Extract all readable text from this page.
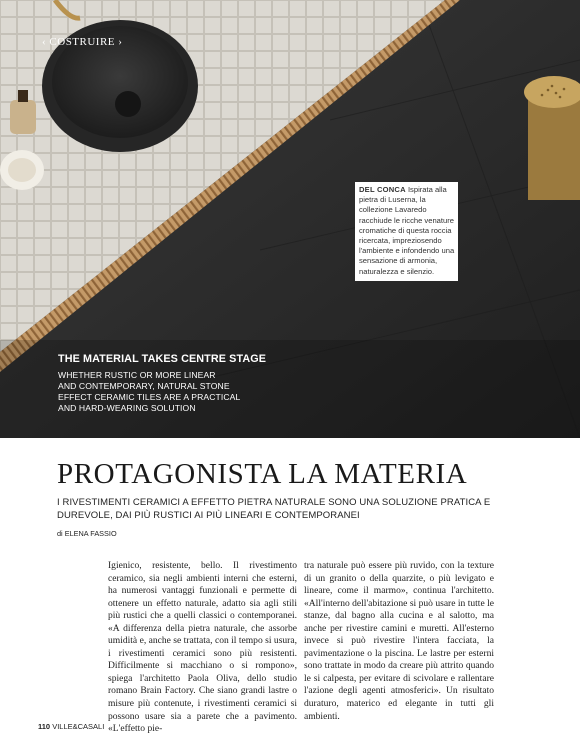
‹ COSTRUIRE ›
DEL CONCA Ispirata alla pietra di Luserna, la collezione Lavaredo racchiude le ricche venature cromatiche di questa roccia ricercata, impreziosendo l'ambiente e infondendo una sensazione di armonia, naturalezza e silenzio.
THE MATERIAL TAKES CENTRE STAGE
WHETHER RUSTIC OR MORE LINEAR
AND CONTEMPORARY, NATURAL STONE
EFFECT CERAMIC TILES ARE A PRACTICAL
AND HARD-WEARING SOLUTION
PROTAGONISTA LA MATERIA
I RIVESTIMENTI CERAMICI A EFFETTO PIETRA NATURALE SONO UNA SOLUZIONE PRATICA E DUREVOLE, DAI PIÙ RUSTICI AI PIÙ LINEARI E CONTEMPORANEI
di ELENA FASSIO
Igienico, resistente, bello. Il rivestimento ceramico, sia negli ambienti interni che esterni, ha numerosi vantaggi funzionali e permette di ottenere un effetto naturale, adatto sia agli stili più rustici che a quelli classici o contemporanei. «A differenza della pietra naturale, che assorbe umidità e, anche se trattata, con il tempo si usura, i rivestimenti ceramici sono più resistenti. Difficilmente si macchiano o si rompono», spiega l'architetto Paola Oliva, dello studio romano Brain Factory. Che siano grandi lastre o misure più contenute, i rivestimenti ceramici si possono usare sia a parete che a pavimento. «L'effetto pie-
tra naturale può essere più ruvido, con la texture di un granito o della quarzite, o più levigato e lineare, come il marmo», continua l'architetto. «All'interno dell'abitazione si può usare in tutte le stanze, dal bagno alla cucina e al salotto, ma anche per rivestire camini e muretti. All'esterno invece si può rivestire l'intera facciata, la pavimentazione o la piscina. Le lastre per esterni sono trattate in modo da creare più attrito quando le si calpesta, per evitare di scivolare e rallentare l'azione degli agenti atmosferici». Un risultato duraturo, materico ed elegante in tutti gli ambienti.
110 VILLE&CASALI
